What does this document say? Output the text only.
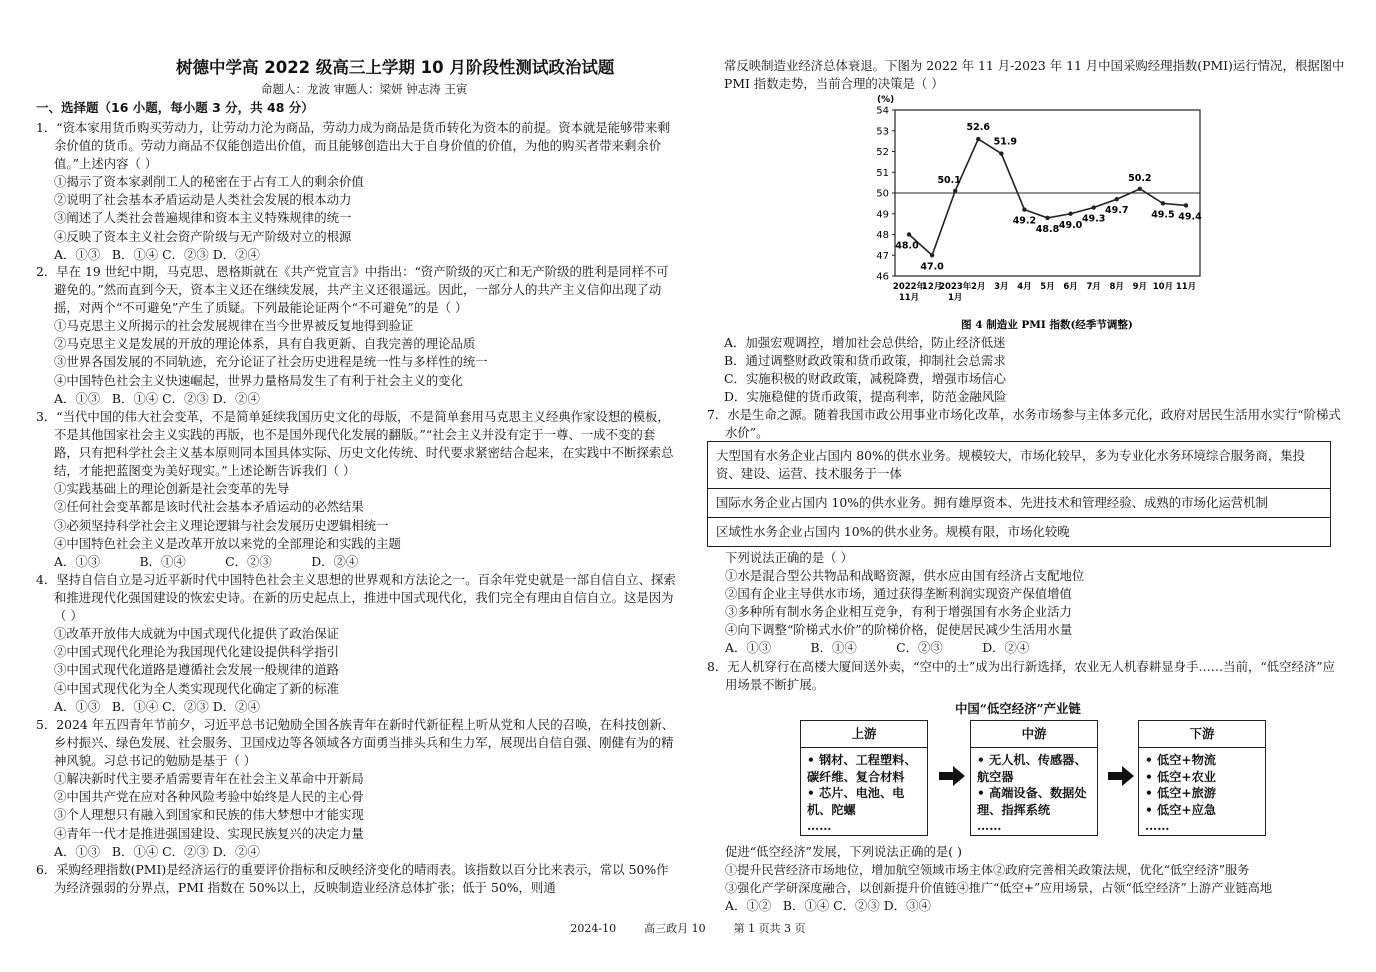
树德中学高 2022 级高三上学期 10 月阶段性测试政治试题
命题人：龙波 审题人：梁妍 钟志涛 王寅
一、选择题（16 小题，每小题 3 分，共 48 分）

1．“资本家用货币购买劳动力，让劳动力沦为商品，劳动力成为商品是货币转化为资本的前提。资本就是能够带来剩余价值的货币。劳动力商品不仅能创造出价值，而且能够创造出大于自身价值的价值，为他的购买者带来剩余价值。”上述内容（ ）

①揭示了资本家剥削工人的秘密在于占有工人的剩余价值

②说明了社会基本矛盾运动是人类社会发展的根本动力

③阐述了人类社会普遍规律和资本主义特殊规律的统一

④反映了资本主义社会资产阶级与无产阶级对立的根源

A．①③   B．①④ C．②③ D．②④

2．早在 19 世纪中期，马克思、恩格斯就在《共产党宣言》中指出：“资产阶级的灭亡和无产阶级的胜利是同样不可避免的。”然而直到今天，资本主义还在继续发展，共产主义还很遥远。因此，一部分人的共产主义信仰出现了动摇，对两个“不可避免”产生了质疑。下列最能论证两个“不可避免”的是（ ）

①马克思主义所揭示的社会发展规律在当今世界被反复地得到验证

②马克思主义是发展的开放的理论体系，具有自我更新、自我完善的理论品质

③世界各国发展的不同轨迹，充分论证了社会历史进程是统一性与多样性的统一

④中国特色社会主义快速崛起，世界力量格局发生了有利于社会主义的变化

A．①③   B．①④ C．②③ D．②④

3．“当代中国的伟大社会变革，不是简单延续我国历史文化的母版，不是简单套用马克思主义经典作家设想的模板，不是其他国家社会主义实践的再版，也不是国外现代化发展的翻版。”“社会主义并没有定于一尊、一成不变的套路，只有把科学社会主义基本原则同本国具体实际、历史文化传统、时代要求紧密结合起来，在实践中不断探索总结，才能把蓝图变为美好现实。”上述论断告诉我们（ ）

①实践基础上的理论创新是社会变革的先导

②任何社会变革都是该时代社会基本矛盾运动的必然结果

③必须坚持科学社会主义理论逻辑与社会发展历史逻辑相统一

④中国特色社会主义是改革开放以来党的全部理论和实践的主题

A．①③          B．①④          C．②③          D．②④

4．坚持自信自立是习近平新时代中国特色社会主义思想的世界观和方法论之一。百余年党史就是一部自信自立、探索和推进现代化强国建设的恢宏史诗。在新的历史起点上，推进中国式现代化，我们完全有理由自信自立。这是因为（ ）

①改革开放伟大成就为中国式现代化提供了政治保证

②中国式现代化理论为我国现代化建设提供科学指引

③中国式现代化道路是遵循社会发展一般规律的道路

④中国式现代化为全人类实现现代化确定了新的标准

A．①③   B．①④ C．②③ D．②④

5．2024 年五四青年节前夕，习近平总书记勉励全国各族青年在新时代新征程上听从党和人民的召唤，在科技创新、乡村振兴、绿色发展、社会服务、卫国戍边等各领域各方面勇当排头兵和生力军，展现出自信自强、刚健有为的精神风貌。习总书记的勉励是基于（ ）

①解决新时代主要矛盾需要青年在社会主义革命中开新局

②中国共产党在应对各种风险考验中始终是人民的主心骨

③个人理想只有融入到国家和民族的伟大梦想中才能实现

④青年一代才是推进强国建设、实现民族复兴的决定力量

A．①③   B．①④ C．②③ D．②④

6．采购经理指数(PMI)是经济运行的重要评价指标和反映经济变化的晴雨表。该指数以百分比来表示，常以 50%作为经济强弱的分界点，PMI 指数在 50%以上，反映制造业经济总体扩张；低于 50%，则通

常反映制造业经济总体衰退。下图为 2022 年 11 月-2023 年 11 月中国采购经理指数(PMI)运行情况，根据图中 PMI 指数走势，当前合理的决策是（ ）

(%)
46
47
48
49
50
51
52
53
54
48.0
47.0
50.1
52.6
51.9
49.2
48.8 49.0
49.3
49.7
50.2
49.5 49.4
2022年
11月
12月
2023年
1月
2月 3月 4月 5月 6月 7月 8月 9月 10月 11月
图 4 制造业 PMI 指数(经季节调整)

A．加强宏观调控，增加社会总供给，防止经济低迷

B．通过调整财政政策和货币政策，抑制社会总需求

C．实施积极的财政政策，减税降费，增强市场信心

D．实施稳健的货币政策，提高利率，防范金融风险

7．水是生命之源。随着我国市政公用事业市场化改革，水务市场参与主体多元化，政府对居民生活用水实行“阶梯式水价”。

大型国有水务企业占国内 80%的供水业务。规模较大，市场化较早，多为专业化水务环境综合服务商，集投资、建设、运营、技术服务于一体
国际水务企业占国内 10%的供水业务。拥有雄厚资本、先进技术和管理经验、成熟的市场化运营机制
区域性水务企业占国内 10%的供水业务。规模有限，市场化较晚

下列说法正确的是（ ）

①水是混合型公共物品和战略资源，供水应由国有经济占支配地位

②国有企业主导供水市场，通过获得垄断利润实现资产保值增值

③多种所有制水务企业相互竞争，有利于增强国有水务企业活力

④向下调整“阶梯式水价”的阶梯价格，促使居民减少生活用水量

A．①③          B．①④          C．②③          D．②④

8．无人机穿行在高楼大厦间送外卖，“空中的士”成为出行新选择，农业无人机春耕显身手……当前，“低空经济”应用场景不断扩展。

中国“低空经济”产业链
上游
• 钢材、工程塑料、碳纤维、复合材料
• 芯片、电池、电机、陀螺
……
中游
• 无人机、传感器、航空器
• 高端设备、数据处理、指挥系统
……
下游
• 低空+物流
• 低空+农业
• 低空+旅游
• 低空+应急
……

促进“低空经济”发展，下列说法正确的是( )

①提升民营经济市场地位，增加航空领域市场主体②政府完善相关政策法规，优化“低空经济”服务

③强化产学研深度融合，以创新提升价值链④推广“低空+”应用场景，占领“低空经济”上游产业链高地

A．①②   B．①④ C．②③ D．③④

2024-10        高三政月 10        第 1 页共 3 页
